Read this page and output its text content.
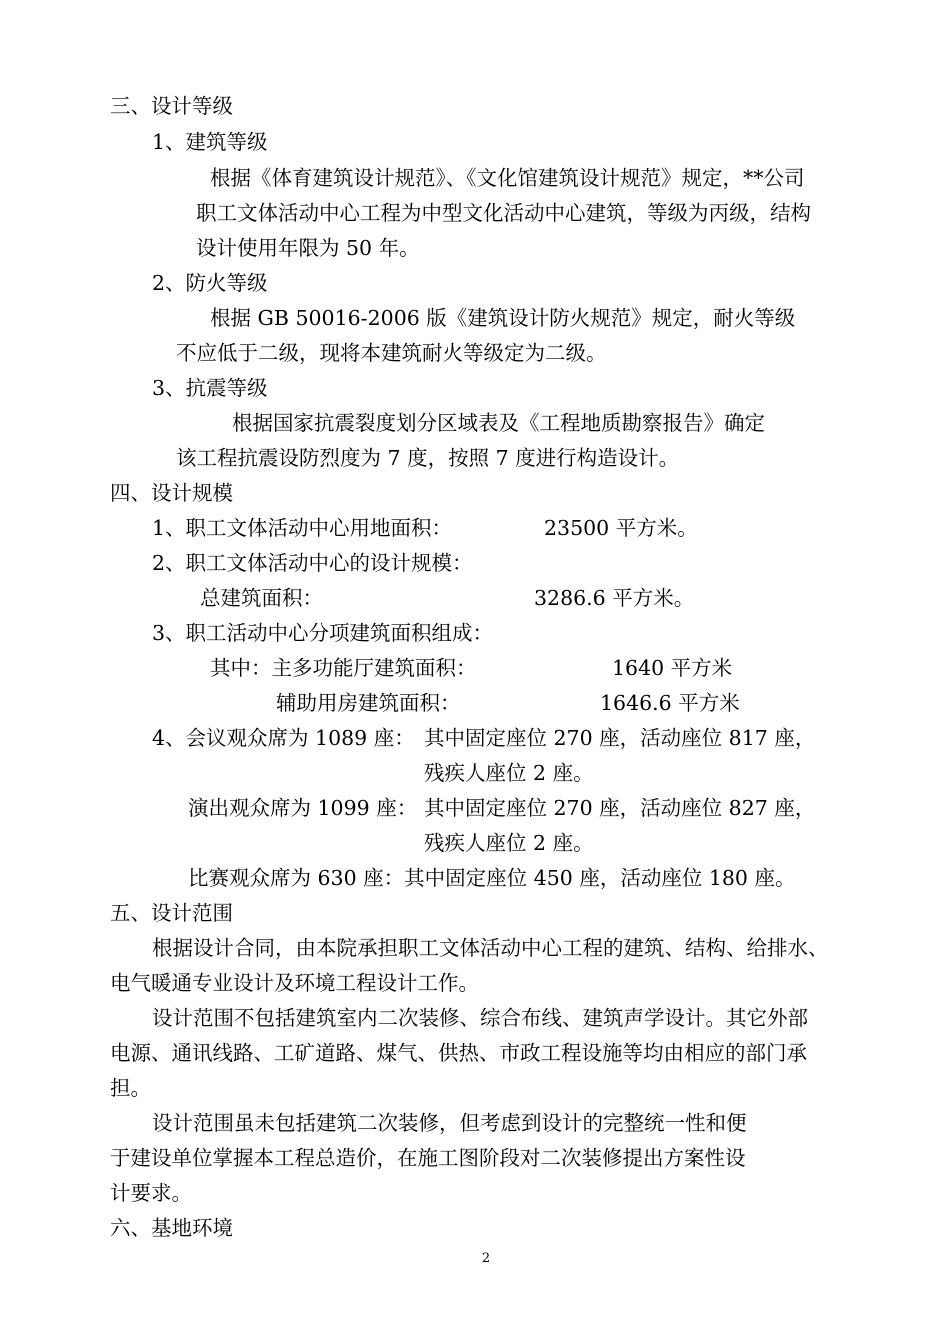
三、设计等级
1、建筑等级
根据《体育建筑设计规范》、《文化馆建筑设计规范》规定，**公司
职工文体活动中心工程为中型文化活动中心建筑，等级为丙级，结构
设计使用年限为 50 年。
2、防火等级
根据 GB 50016-2006 版《建筑设计防火规范》规定，耐火等级
不应低于二级，现将本建筑耐火等级定为二级。
3、抗震等级
根据国家抗震裂度划分区域表及《工程地质勘察报告》确定
该工程抗震设防烈度为 7 度，按照 7 度进行构造设计。
四、设计规模
1、职工文体活动中心用地面积：	23500 平方米。
2、职工文体活动中心的设计规模：
总建筑面积：	3286.6 平方米。
3、职工活动中心分项建筑面积组成：
其中：主多功能厅建筑面积：	1640 平方米
辅助用房建筑面积：	1646.6 平方米
4、会议观众席为 1089 座： 其中固定座位 270 座，活动座位 817 座，
残疾人座位 2 座。
演出观众席为 1099 座： 其中固定座位 270 座，活动座位 827 座，
残疾人座位 2 座。
比赛观众席为 630 座：其中固定座位 450 座，活动座位 180 座。
五、设计范围
根据设计合同，由本院承担职工文体活动中心工程的建筑、结构、给排水、
电气暖通专业设计及环境工程设计工作。
设计范围不包括建筑室内二次装修、综合布线、建筑声学设计。其它外部
电源、通讯线路、工矿道路、煤气、供热、市政工程设施等均由相应的部门承
担。
设计范围虽未包括建筑二次装修，但考虑到设计的完整统一性和便
于建设单位掌握本工程总造价，在施工图阶段对二次装修提出方案性设
计要求。
六、基地环境
2
